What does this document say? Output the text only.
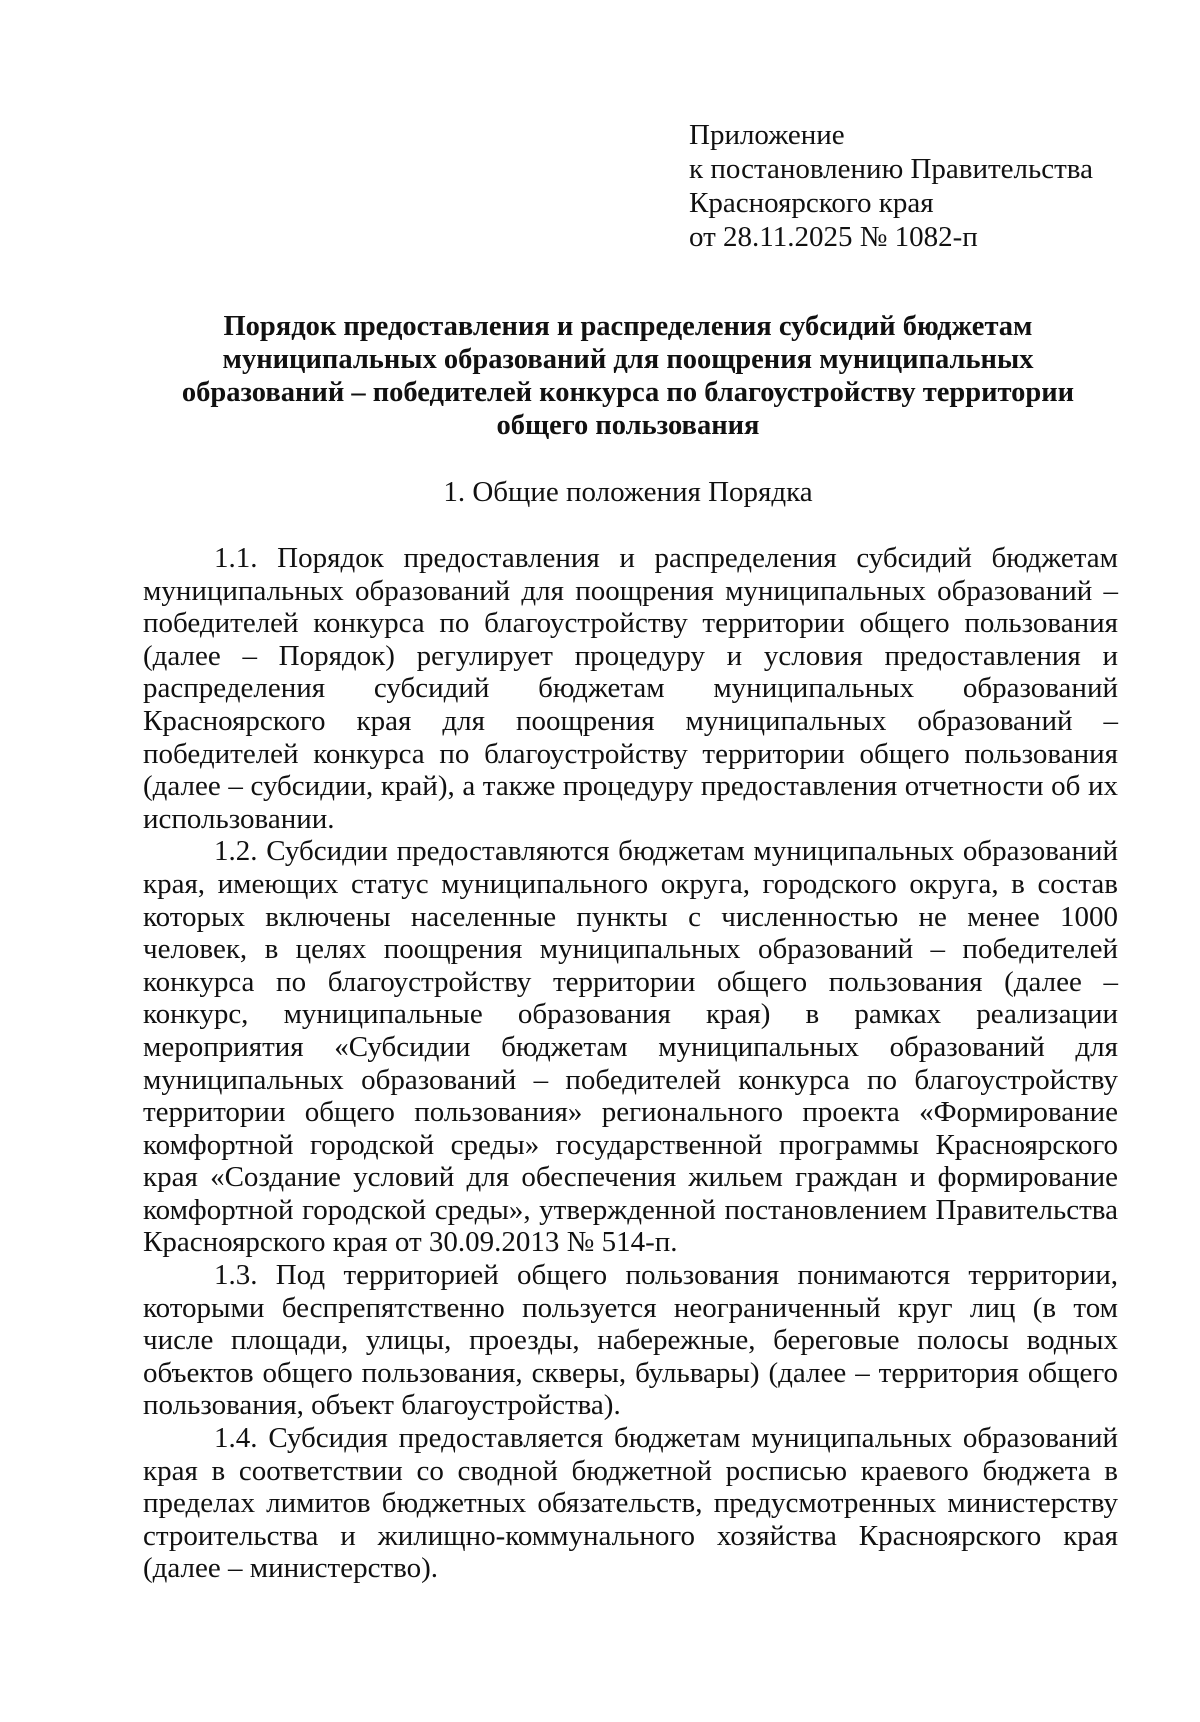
Приложение
к постановлению Правительства
Красноярского края
от 28.11.2025 № 1082-п
Порядок предоставления и распределения субсидий бюджетам
муниципальных образований для поощрения муниципальных
образований – победителей конкурса по благоустройству территории
общего пользования
1. Общие положения Порядка

1.1. Порядок предоставления и распределения субсидий бюджетам муниципальных образований для поощрения муниципальных образований – победителей конкурса по благоустройству территории общего пользования (далее – Порядок) регулирует процедуру и условия предоставления и распределения субсидий бюджетам муниципальных образований Красноярского края для поощрения муниципальных образований – победителей конкурса по благоустройству территории общего пользования (далее – субсидии, край), а также процедуру предоставления отчетности об их использовании.

1.2. Субсидии предоставляются бюджетам муниципальных образований края, имеющих статус муниципального округа, городского округа, в состав которых включены населенные пункты с численностью не менее 1000 человек, в целях поощрения муниципальных образований – победителей конкурса по благоустройству территории общего пользования (далее – конкурс, муниципальные образования края) в рамках реализации мероприятия «Субсидии бюджетам муниципальных образований для муниципальных образований – победителей конкурса по благоустройству территории общего пользования» регионального проекта «Формирование комфортной городской среды» государственной программы Красноярского края «Создание условий для обеспечения жильем граждан и формирование комфортной городской среды», утвержденной постановлением Правительства Красноярского края от 30.09.2013 № 514-п.

1.3. Под территорией общего пользования понимаются территории, которыми беспрепятственно пользуется неограниченный круг лиц (в том числе площади, улицы, проезды, набережные, береговые полосы водных объектов общего пользования, скверы, бульвары) (далее – территория общего пользования, объект благоустройства).

1.4. Субсидия предоставляется бюджетам муниципальных образований края в соответствии со сводной бюджетной росписью краевого бюджета в пределах лимитов бюджетных обязательств, предусмотренных министерству строительства и жилищно-коммунального хозяйства Красноярского края (далее – министерство).
